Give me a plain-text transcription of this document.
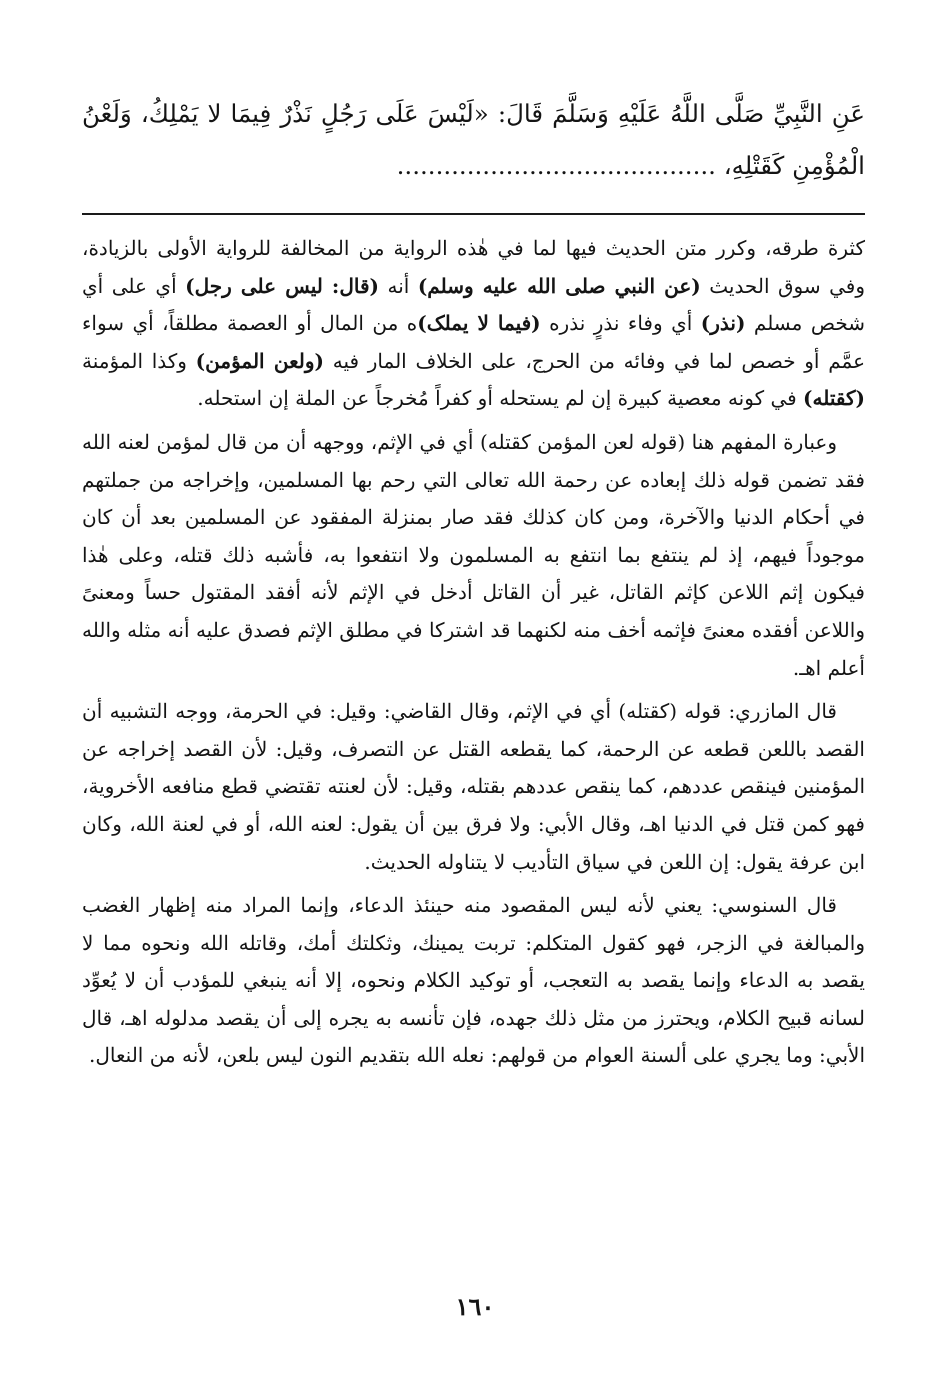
عَنِ النَّبِيِّ صَلَّى اللَّهُ عَلَيْهِ وَسَلَّمَ قَالَ: «لَيْسَ عَلَى رَجُلٍ نَذْرٌ فِيمَا لا يَمْلِكُ، وَلَعْنُ الْمُؤْمِنِ كَقَتْلِهِ، .........................................

كثرة طرقه، وكرر متن الحديث فيها لما في هٰذه الرواية من المخالفة للرواية الأولى بالزيادة، وفي سوق الحديث (عن النبي صلى الله عليه وسلم) أنه (قال: ليس على رجل) أي على أي شخص مسلم (نذر) أي وفاء نذرٍ نذره (فيما لا يملک)ه من المال أو العصمة مطلقاً، أي سواء عمَّم أو خصص لما في وفائه من الحرج، على الخلاف المار فيه (ولعن المؤمن) وكذا المؤمنة (كقتله) في كونه معصية كبيرة إن لم يستحله أو كفراً مُخرجاً عن الملة إن استحله.

وعبارة المفهم هنا (قوله لعن المؤمن كقتله) أي في الإثم، ووجهه أن من قال لمؤمن لعنه الله فقد تضمن قوله ذلك إبعاده عن رحمة الله تعالى التي رحم بها المسلمين، وإخراجه من جملتهم في أحكام الدنيا والآخرة، ومن كان كذلك فقد صار بمنزلة المفقود عن المسلمين بعد أن كان موجوداً فيهم، إذ لم ينتفع بما انتفع به المسلمون ولا انتفعوا به، فأشبه ذلك قتله، وعلى هٰذا فيكون إثم اللاعن كإثم القاتل، غير أن القاتل أدخل في الإثم لأنه أفقد المقتول حساً ومعنىً واللاعن أفقده معنىً فإثمه أخف منه لكنهما قد اشتركا في مطلق الإثم فصدق عليه أنه مثله والله أعلم اهـ.

قال المازري: قوله (كقتله) أي في الإثم، وقال القاضي: وقيل: في الحرمة، ووجه التشبيه أن القصد باللعن قطعه عن الرحمة، كما يقطعه القتل عن التصرف، وقيل: لأن القصد إخراجه عن المؤمنين فينقص عددهم، كما ينقص عددهم بقتله، وقيل: لأن لعنته تقتضي قطع منافعه الأخروية، فهو كمن قتل في الدنيا اهـ، وقال الأبي: ولا فرق بين أن يقول: لعنه الله، أو في لعنة الله، وكان ابن عرفة يقول: إن اللعن في سياق التأديب لا يتناوله الحديث.

قال السنوسي: يعني لأنه ليس المقصود منه حينئذ الدعاء، وإنما المراد منه إظهار الغضب والمبالغة في الزجر، فهو كقول المتكلم: تربت يمينك، وثكلتك أمك، وقاتله الله ونحوه مما لا يقصد به الدعاء وإنما يقصد به التعجب، أو توكيد الكلام ونحوه، إلا أنه ينبغي للمؤدب أن لا يُعوِّد لسانه قبيح الكلام، ويحترز من مثل ذلك جهده، فإن تأنسه به يجره إلى أن يقصد مدلوله اهـ، قال الأبي: وما يجري على ألسنة العوام من قولهم: نعله الله بتقديم النون ليس بلعن، لأنه من النعال.

١٦٠
